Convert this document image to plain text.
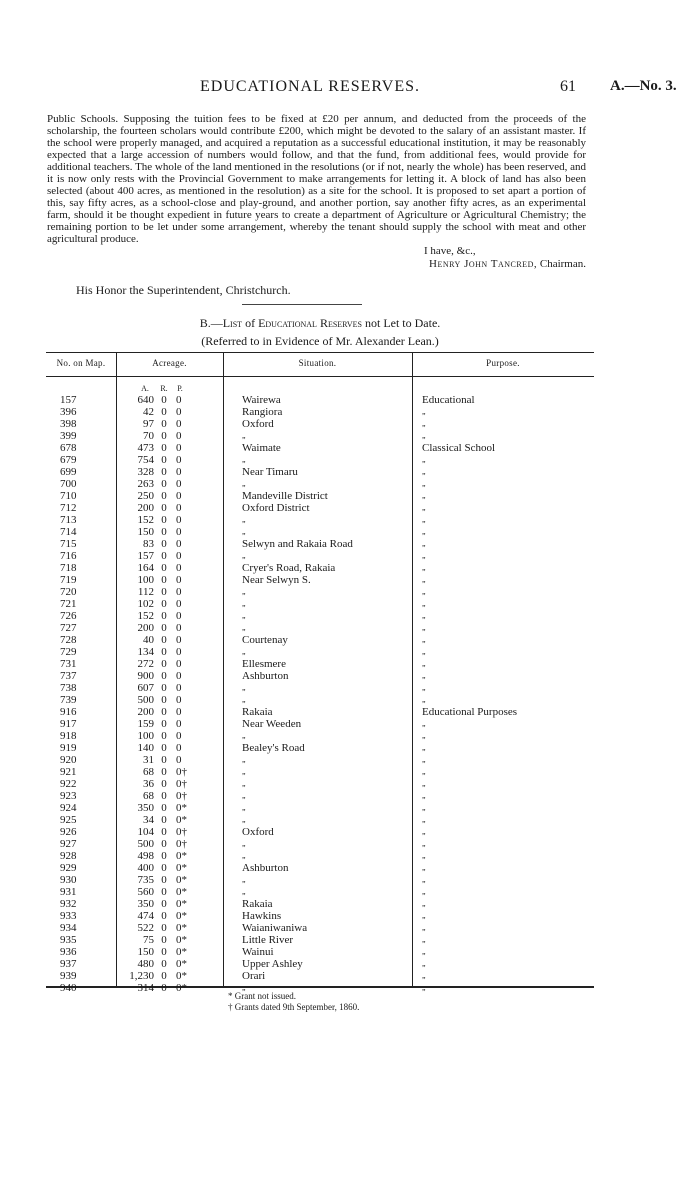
EDUCATIONAL RESERVES.	61 A.—No. 3.

Public Schools. Supposing the tuition fees to be fixed at £20 per annum, and deducted from the proceeds of the scholarship, the fourteen scholars would contribute £200, which might be devoted to the salary of an assistant master. If the school were properly managed, and acquired a reputation as a successful educational institution, it may be reasonably expected that a large accession of numbers would follow, and that the fund, from additional fees, would provide for additional teachers. The whole of the land mentioned in the resolutions (or if not, nearly the whole) has been reserved, and it is now only rests with the Provincial Government to make arrangements for letting it. A block of land has also been selected (about 400 acres, as mentioned in the resolution) as a site for the school. It is proposed to set apart a portion of this, say fifty acres, as a school-close and play-ground, and another portion, say another fifty acres, as an experimental farm, should it be thought expedient in future years to create a department of Agriculture or Agricultural Chemistry; the remaining portion to be let under some arrangement, whereby the tenant should supply the school with meat and other agricultural produce.

I have, &c.,
Henry John Tancred, Chairman.
His Honor the Superintendent, Christchurch.
B.—List of Educational Reserves not Let to Date.
(Referred to in Evidence of Mr. Alexander Lean.)
No. on Map.	Acreage.	Situation.	Purpose.
A.	R.	P.
157	640 0 0	Wairewa	Educational
396	42 0 0	Rangiora	„
398	97 0 0	Oxford	„
399	70 0 0	„	„
678	473 0 0	Waimate	Classical School
679	754 0 0	„	„
699	328 0 0	Near Timaru	„
700	263 0 0	„	„
710	250 0 0	Mandeville District	„
712	200 0 0	Oxford District	„
713	152 0 0	„	„
714	150 0 0	„	„
715	83 0 0	Selwyn and Rakaia Road	„
716	157 0 0	„	„
718	164 0 0	Cryer's Road, Rakaia	„
719	100 0 0	Near Selwyn S.	„
720	112 0 0	„	„
721	102 0 0	„	„
726	152 0 0	„	„
727	200 0 0	„	„
728	40 0 0	Courtenay	„
729	134 0 0	„	„
731	272 0 0	Ellesmere	„
737	900 0 0	Ashburton	„
738	607 0 0	„	„
739	500 0 0	„	„
916	200 0 0	Rakaia	Educational Purposes
917	159 0 0	Near Weeden	„
918	100 0 0	„	„
919	140 0 0	Bealey's Road	„
920	31 0 0	„	„
921	68 0 0†	„	„
922	36 0 0†	„	„
923	68 0 0†	„	„
924	350 0 0*	„	„
925	34 0 0*	„	„
926	104 0 0†	Oxford	„
927	500 0 0†	„	„
928	498 0 0*	„	„
929	400 0 0*	Ashburton	„
930	735 0 0*	„	„
931	560 0 0*	„	„
932	350 0 0*	Rakaia	„
933	474 0 0*	Hawkins	„
934	522 0 0*	Waianiwaniwa	„
935	75 0 0*	Little River	„
936	150 0 0*	Wainui	„
937	480 0 0*	Upper Ashley	„
939	1,230 0 0*	Orari	„
940	314 0 0*	„	„
* Grant not issued.
† Grants dated 9th September, 1860.
